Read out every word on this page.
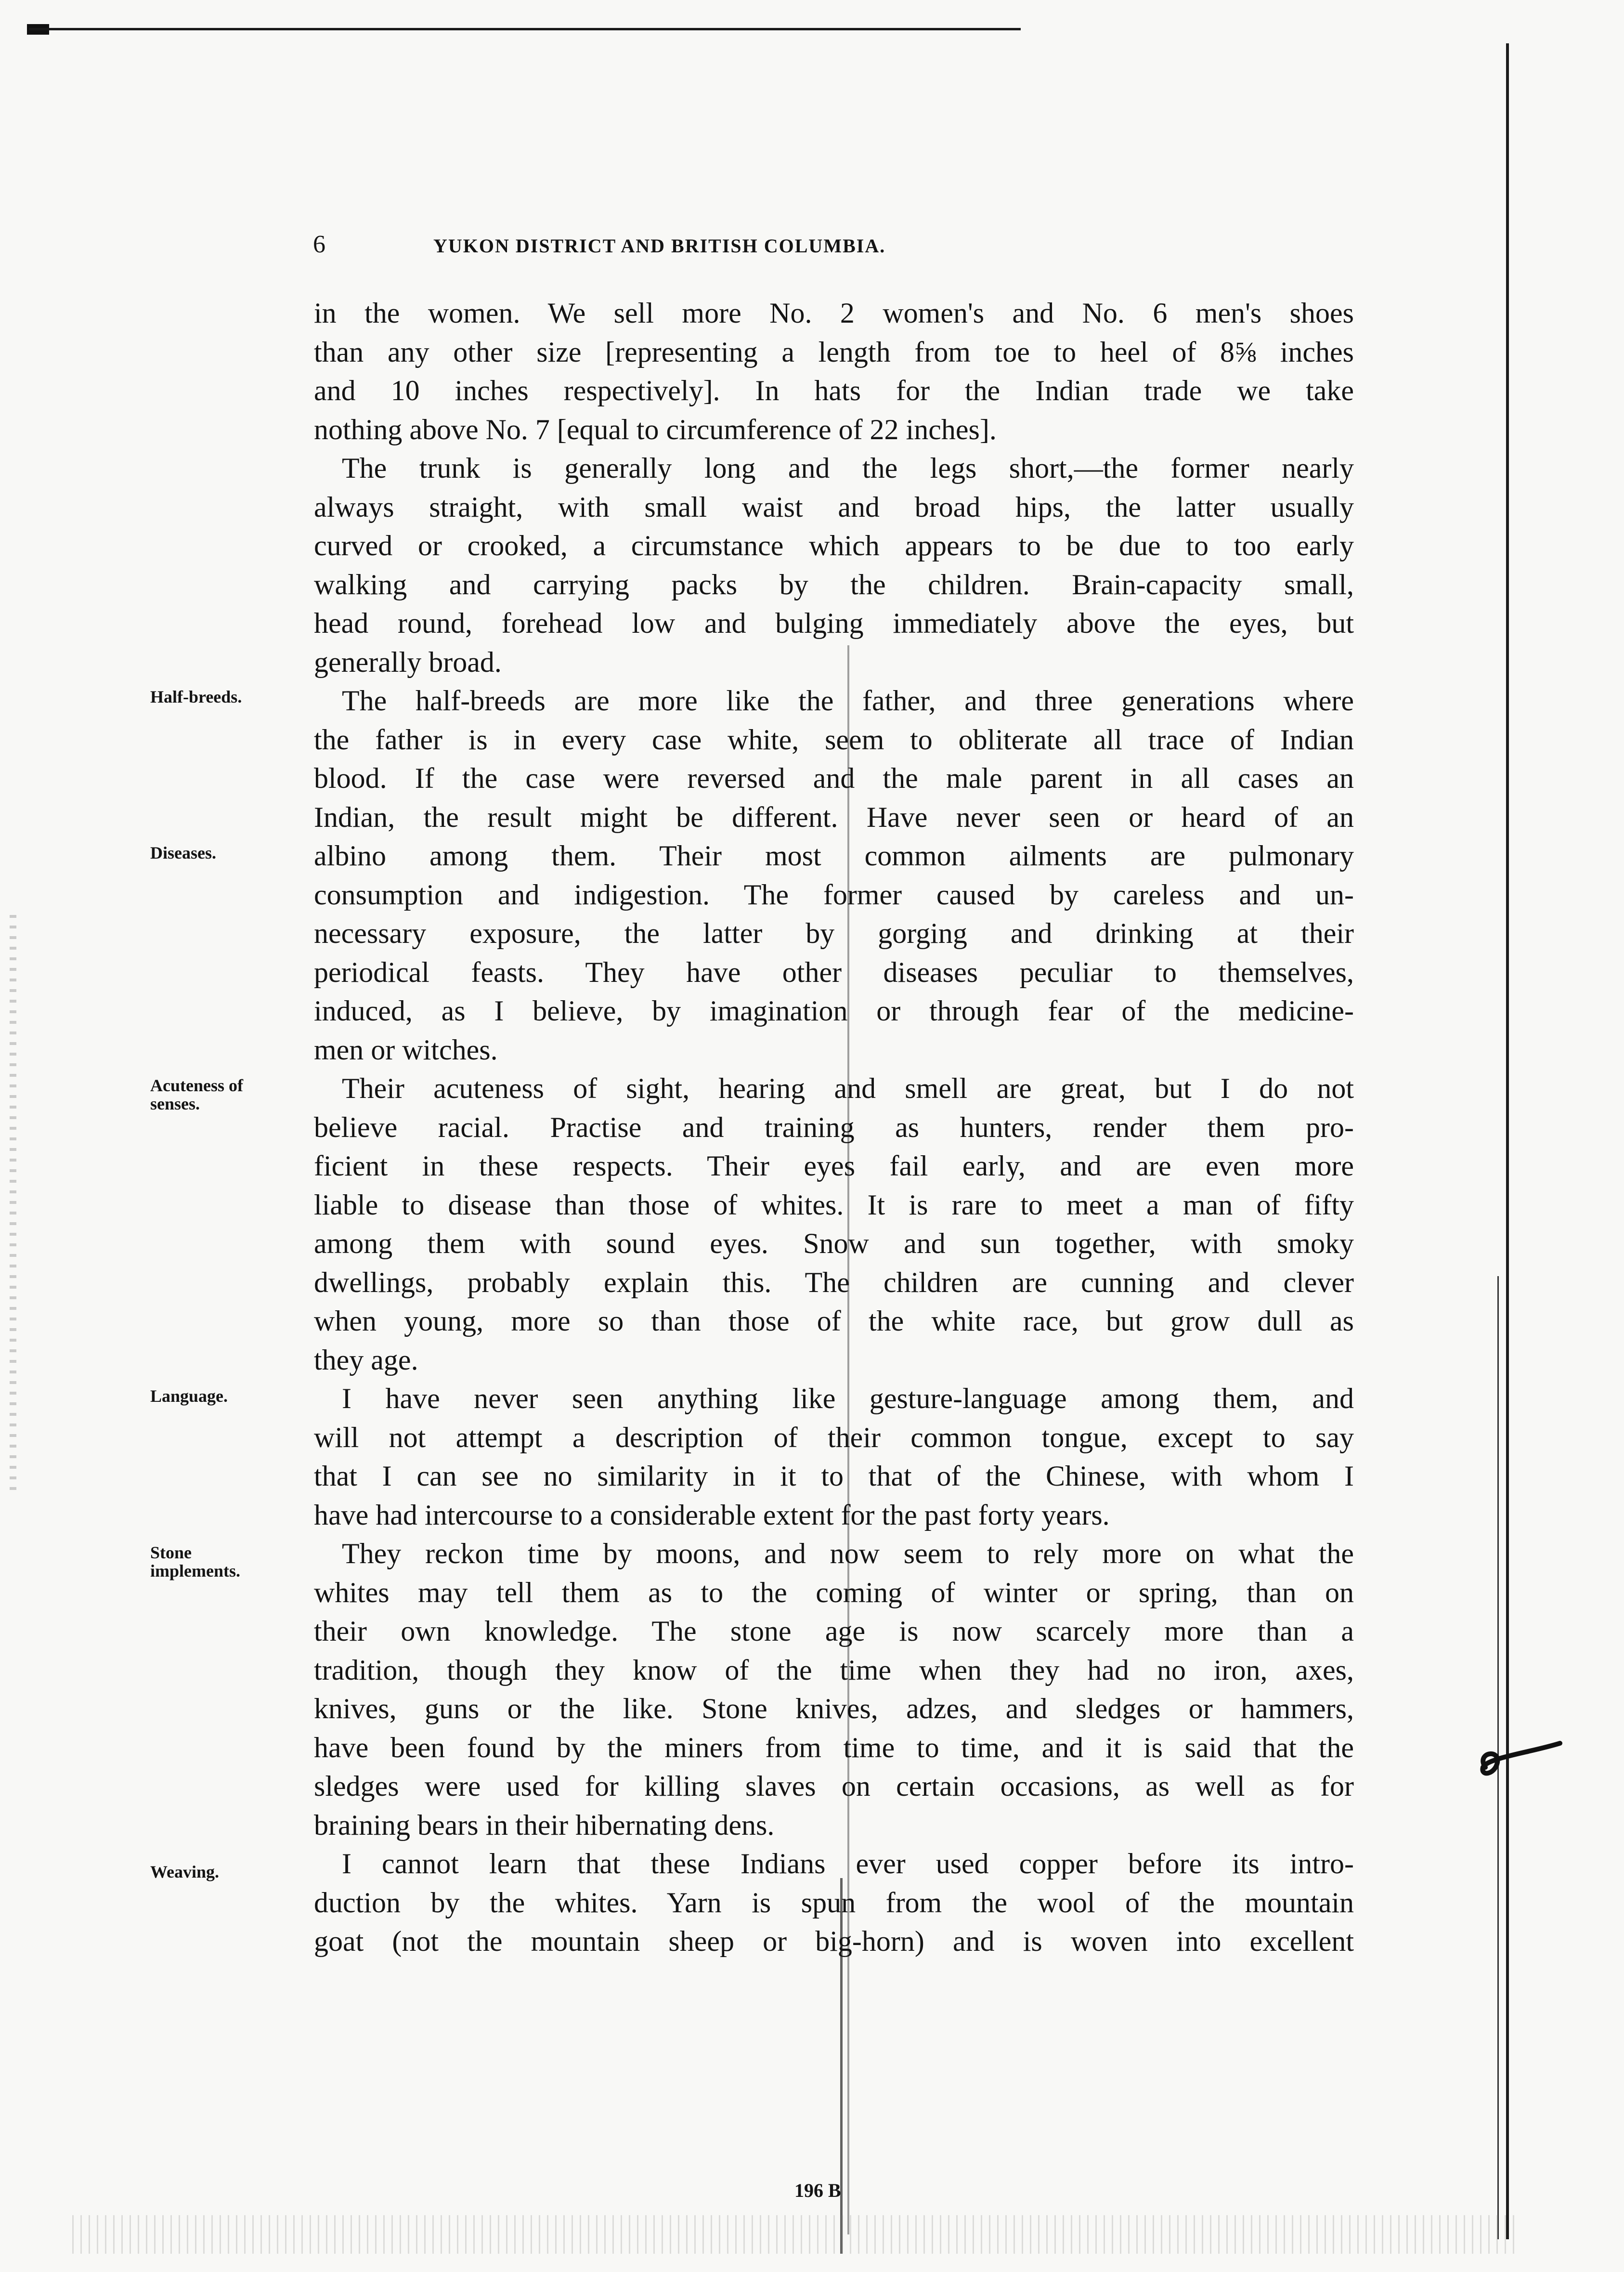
6	YUKON DISTRICT AND BRITISH COLUMBIA.
Half-breeds.
Diseases.
Acuteness of
senses.
Language.
Stone
implements.
Weaving.
in the women. We sell more No. 2 women's and No. 6 men's shoes
than any other size [representing a length from toe to heel of 8⅝ inches
and 10 inches respectively]. In hats for the Indian trade we take
nothing above No. 7 [equal to circumference of 22 inches].
The trunk is generally long and the legs short,—the former nearly
always straight, with small waist and broad hips, the latter usually
curved or crooked, a circumstance which appears to be due to too early
walking and carrying packs by the children. Brain-capacity small,
head round, forehead low and bulging immediately above the eyes, but
generally broad.
The half-breeds are more like the father, and three generations where
the father is in every case white, seem to obliterate all trace of Indian
blood. If the case were reversed and the male parent in all cases an
Indian, the result might be different. Have never seen or heard of an
albino among them. Their most common ailments are pulmonary
consumption and indigestion. The former caused by careless and un-
necessary exposure, the latter by gorging and drinking at their
periodical feasts. They have other diseases peculiar to themselves,
induced, as I believe, by imagination or through fear of the medicine-
men or witches.
Their acuteness of sight, hearing and smell are great, but I do not
believe racial. Practise and training as hunters, render them pro-
ficient in these respects. Their eyes fail early, and are even more
liable to disease than those of whites. It is rare to meet a man of fifty
among them with sound eyes. Snow and sun together, with smoky
dwellings, probably explain this. The children are cunning and clever
when young, more so than those of the white race, but grow dull as
they age.
I have never seen anything like gesture-language among them, and
will not attempt a description of their common tongue, except to say
that I can see no similarity in it to that of the Chinese, with whom I
have had intercourse to a considerable extent for the past forty years.
They reckon time by moons, and now seem to rely more on what the
whites may tell them as to the coming of winter or spring, than on
their own knowledge. The stone age is now scarcely more than a
tradition, though they know of the time when they had no iron, axes,
knives, guns or the like. Stone knives, adzes, and sledges or hammers,
have been found by the miners from time to time, and it is said that the
sledges were used for killing slaves on certain occasions, as well as for
braining bears in their hibernating dens.
I cannot learn that these Indians ever used copper before its intro-
duction by the whites. Yarn is spun from the wool of the mountain
goat (not the mountain sheep or big-horn) and is woven into excellent
196 B
